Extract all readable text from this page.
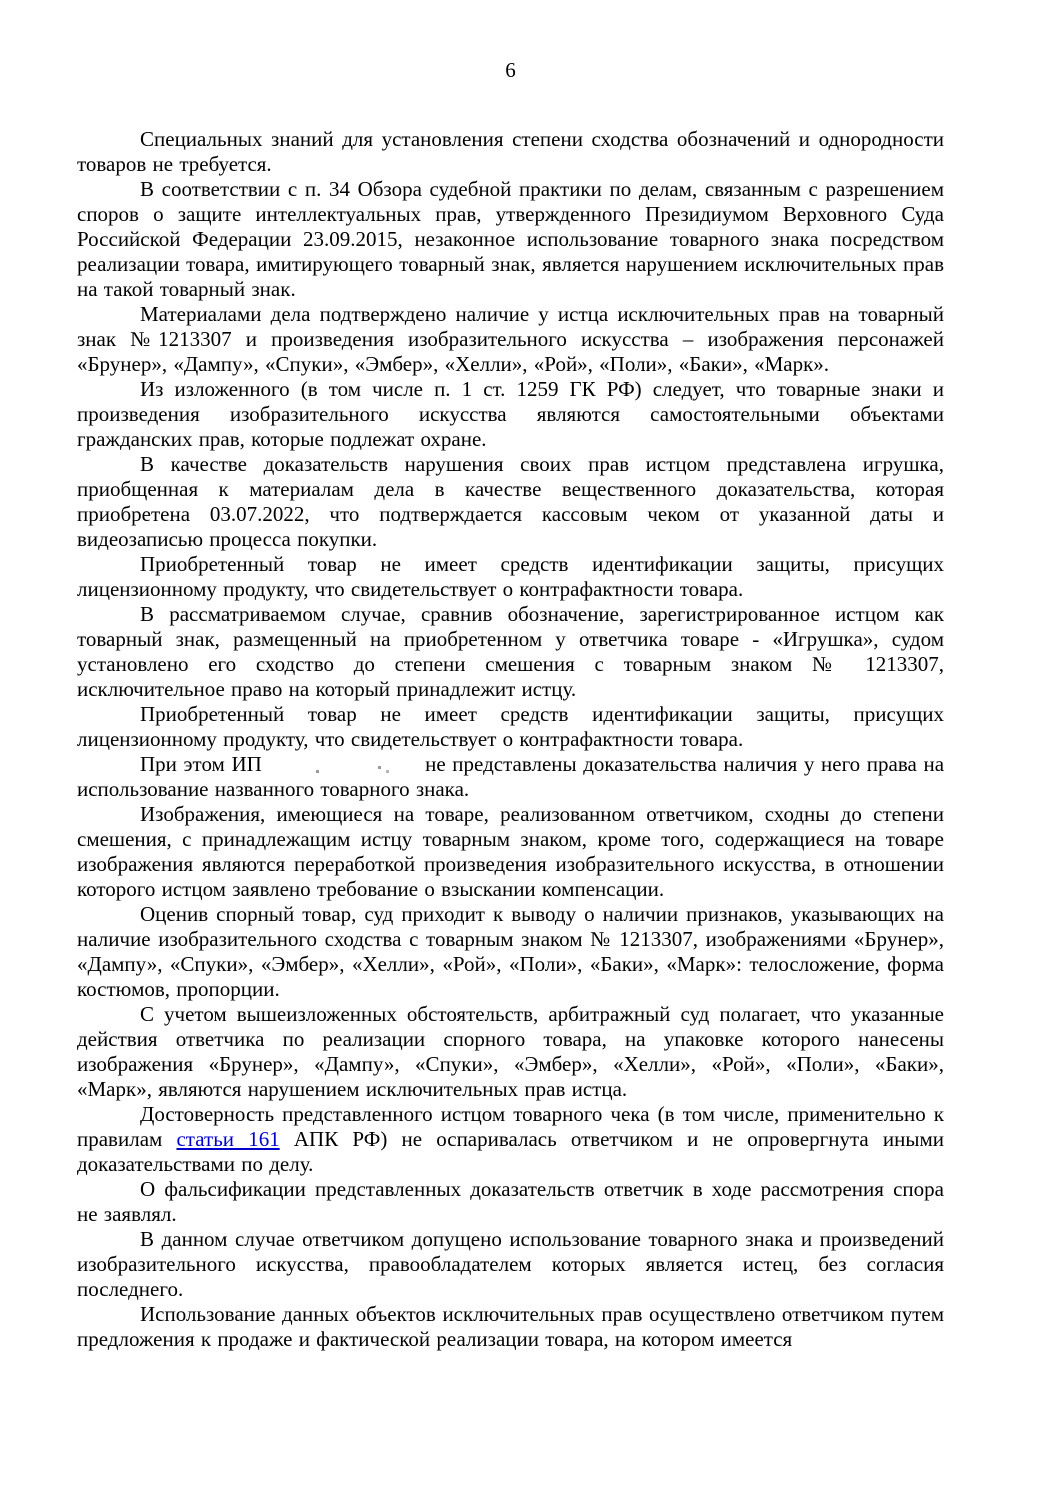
6

Специальных знаний для установления степени сходства обозначений и однородности товаров не требуется.

В соответствии с п. 34 Обзора судебной практики по делам, связанным с разрешением споров о защите интеллектуальных прав, утвержденного Президиумом Верховного Суда Российской Федерации 23.09.2015, незаконное использование товарного знака посредством реализации товара, имитирующего товарный знак, является нарушением исключительных прав на такой товарный знак.

Материалами дела подтверждено наличие у истца исключительных прав на товарный знак №1213307 и произведения изобразительного искусства – изображения персонажей «Брунер», «Дампу», «Спуки», «Эмбер», «Хелли», «Рой», «Поли», «Баки», «Марк».

Из изложенного (в том числе п. 1 ст. 1259 ГК РФ) следует, что товарные знаки и произведения изобразительного искусства являются самостоятельными объектами гражданских прав, которые подлежат охране.

В качестве доказательств нарушения своих прав истцом представлена игрушка, приобщенная к материалам дела в качестве вещественного доказательства, которая приобретена 03.07.2022, что подтверждается кассовым чеком от указанной даты и видеозаписью процесса покупки.

Приобретенный товар не имеет средств идентификации защиты, присущих лицензионному продукту, что свидетельствует о контрафактности товара.

В рассматриваемом случае, сравнив обозначение, зарегистрированное истцом как товарный знак, размещенный на приобретенном у ответчика товаре - «Игрушка», судом установлено его сходство до степени смешения с товарным знаком № 1213307, исключительное право на который принадлежит истцу.

Приобретенный товар не имеет средств идентификации защиты, присущих лицензионному продукту, что свидетельствует о контрафактности товара.

При этом ИП	не представлены доказательства наличия у него права на использование названного товарного знака.

Изображения, имеющиеся на товаре, реализованном ответчиком, сходны до степени смешения, с принадлежащим истцу товарным знаком, кроме того, содержащиеся на товаре изображения являются переработкой произведения изобразительного искусства, в отношении которого истцом заявлено требование о взыскании компенсации.

Оценив спорный товар, суд приходит к выводу о наличии признаков, указывающих на наличие изобразительного сходства с товарным знаком № 1213307, изображениями «Брунер», «Дампу», «Спуки», «Эмбер», «Хелли», «Рой», «Поли», «Баки», «Марк»: телосложение, форма костюмов, пропорции.

С учетом вышеизложенных обстоятельств, арбитражный суд полагает, что указанные действия ответчика по реализации спорного товара, на упаковке которого нанесены изображения «Брунер», «Дампу», «Спуки», «Эмбер», «Хелли», «Рой», «Поли», «Баки», «Марк», являются нарушением исключительных прав истца.

Достоверность представленного истцом товарного чека (в том числе, применительно к правилам статьи 161 АПК РФ) не оспаривалась ответчиком и не опровергнута иными доказательствами по делу.

О фальсификации представленных доказательств ответчик в ходе рассмотрения спора не заявлял.

В данном случае ответчиком допущено использование товарного знака и произведений изобразительного искусства, правообладателем которых является истец, без согласия последнего.

Использование данных объектов исключительных прав осуществлено ответчиком путем предложения к продаже и фактической реализации товара, на котором имеется
